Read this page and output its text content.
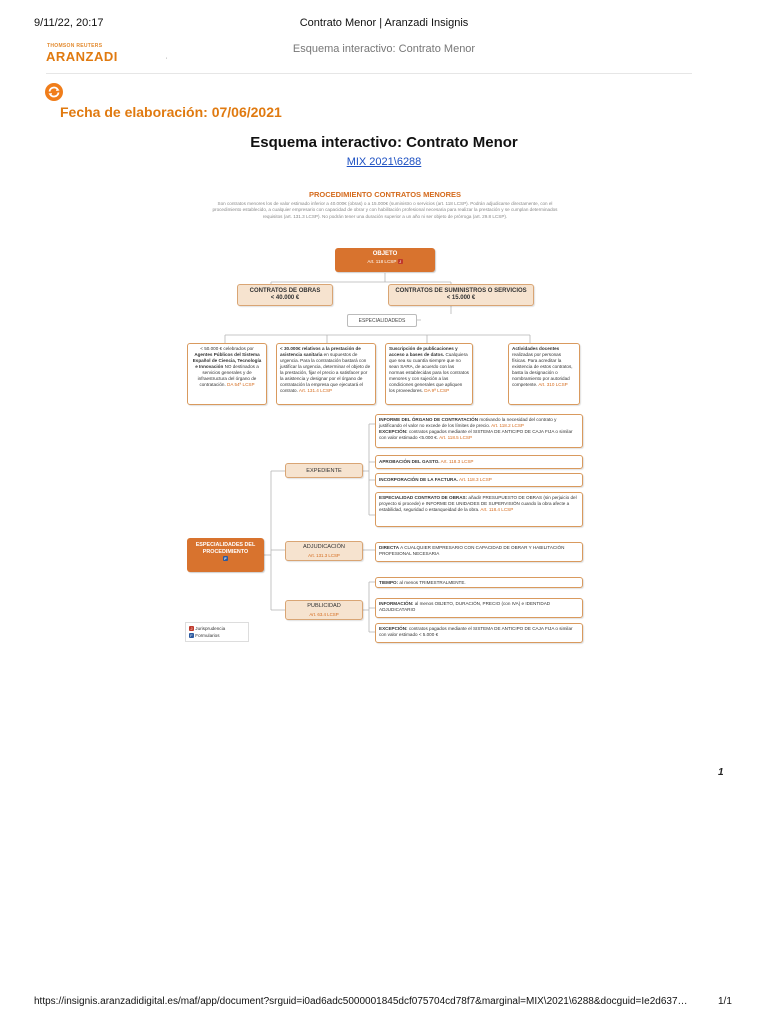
9/11/22, 20:17	Contrato Menor | Aranzadi Insignis
THOMSON REUTERS
ARANZADI	'
Esquema interactivo: Contrato Menor
Fecha de elaboración: 07/06/2021
Esquema interactivo: Contrato Menor
MIX 2021\6288
PROCEDIMIENTO CONTRATOS MENORES
Son contratos menores los de valor estimado inferior a 40.000€ (obras) o a 15.000€ (suministro o servicios (art. 118 LCSP). Podrán adjudicarse directamente, con el procedimiento establecido, a cualquier empresario con capacidad de obrar y con habilitación profesional necesaria para realizar la prestación y se cumplan determinados requisitos (art. 131.3 LCSP). No podrán tener una duración superior a un año ni ser objeto de prórroga (art. 29.8 LCSP).
OBJETO
Art. 118 LCSP J
CONTRATOS DE OBRAS
< 40.000 €
CONTRATOS DE SUMINISTROS O SERVICIOS
< 15.000 €
ESPECIALIDADEDS
< 50.000 € celebrados por Agentes Públicos del Sistema Español de Ciencia, Tecnología e Innovación NO destinados a servicios generales y de infraestructura del órgano de contratación. DA 54ª LCSP
< 30.000€ relativos a la prestación de asistencia sanitaria en supuestos de urgencia. Para la contratación bastará con justificar la urgencia, determinar el objeto de la prestación, fijar el precio a satisfacer por la asistencia y designar por el órgano de contratación la empresa que ejecutará el contrato. Art. 131.4 LCSP
Suscripción de publicaciones y acceso a bases de datos. Cualquiera que sea su cuantía siempre que no sean SARA, de acuerdo con las normas establecidas para los contratos menores y con sujeción a las condiciones generales que apliquen los proveedores. DA 9ª LCSP
Actividades docentes realizadas por personas físicas. Para acreditar la existencia de estos contratos, basta la designación o nombramiento por autoridad competente. Art. 310 LCSP
ESPECIALIDADES DEL PROCEDIMIENTO
F
EXPEDIENTE
ADJUDICACIÓN
Art. 131.3 LCSP
PUBLICIDAD
Art. 63.4 LCSP
INFORME DEL ÓRGANO DE CONTRATACIÓN motivando la necesidad del contrato y justificando el valor no excede de los límites de precio. Art. 118.2 LCSP
EXCEPCIÓN: contratos pagados mediante el SISTEMA DE ANTICIPO DE CAJA FIJA o similar con valor estimado <5.000 €. Art. 118.5 LCSP
APROBACIÓN DEL GASTO. Art. 118.3 LCSP
INCORPORACIÓN DE LA FACTURA. Art. 118.3 LCSP
ESPECIALIDAD CONTRATO DE OBRAS: añadir PRESUPUESTO DE OBRAS (sin perjuicio del proyecto si procede) e INFORME DE UNIDADES DE SUPERVISIÓN cuando la obra afecte a estabilidad, seguridad o estanqueidad de la obra. Art. 118.4 LCSP
DIRECTA A CUALQUIER EMPRESARIO CON CAPACIDAD DE OBRAR Y HABILITACIÓN PROFESIONAL NECESARIA
TIEMPO: al menos TRIMESTRALMENTE.
INFORMACIÓN: al menos OBJETO, DURACIÓN, PRECIO (con IVA) e IDENTIDAD ADJUDICATARIO
EXCEPCIÓN: contratos pagados mediante el SISTEMA DE ANTICIPO DE CAJA FIJA o similar con valor estimado < 5.000 €
J Jurisprudencia
F Formularios
1
https://insignis.aranzadidigital.es/maf/app/document?srguid=i0ad6adc5000001845dcf075704cd78f7&marginal=MIX\2021\6288&docguid=Ie2d637…	1/1
